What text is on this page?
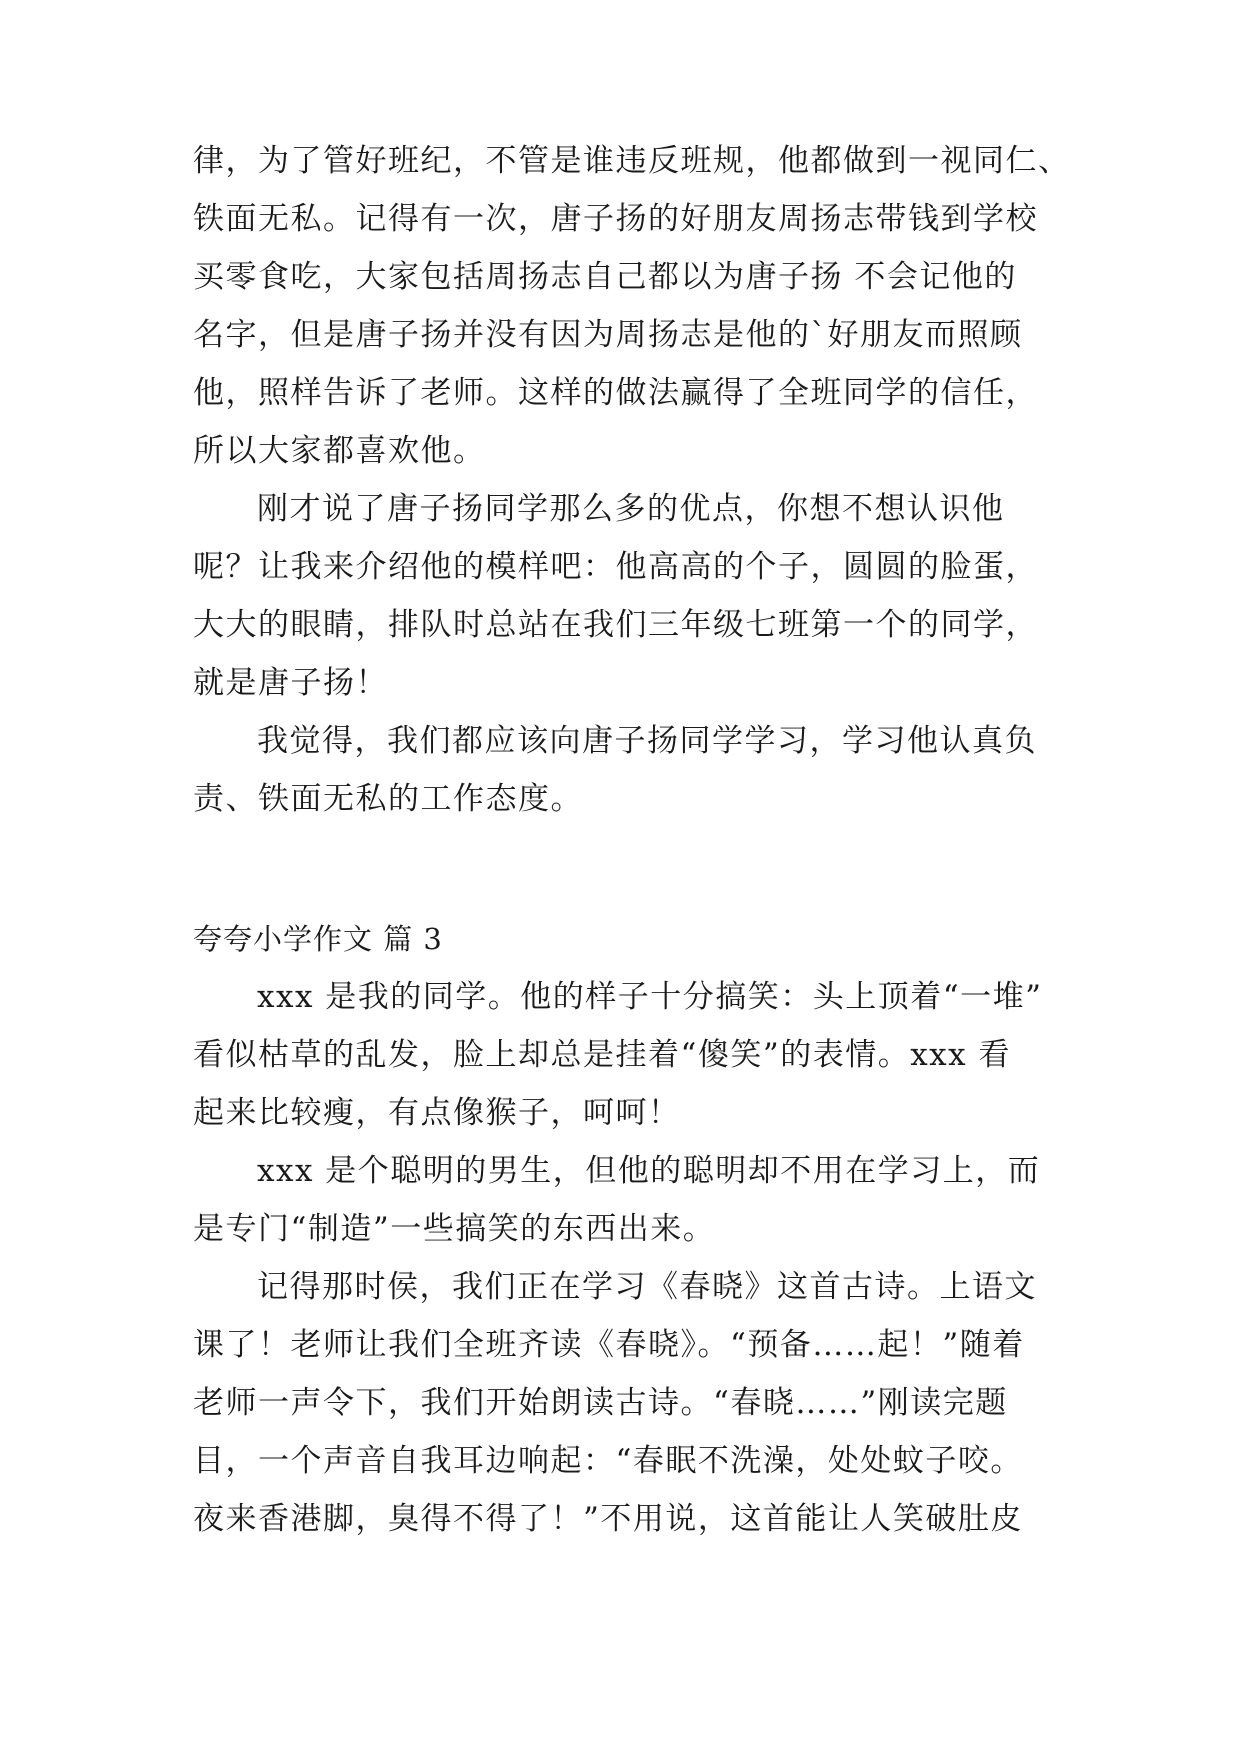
律，为了管好班纪，不管是谁违反班规，他都做到一视同仁、
铁面无私。记得有一次，唐子扬的好朋友周扬志带钱到学校
买零食吃，大家包括周扬志自己都以为唐子扬 不会记他的
名字，但是唐子扬并没有因为周扬志是他的`好朋友而照顾
他，照样告诉了老师。这样的做法赢得了全班同学的信任，
所以大家都喜欢他。
刚才说了唐子扬同学那么多的优点，你想不想认识他
呢？让我来介绍他的模样吧：他高高的个子，圆圆的脸蛋，
大大的眼睛，排队时总站在我们三年级七班第一个的同学，
就是唐子扬！
我觉得，我们都应该向唐子扬同学学习，学习他认真负
责、铁面无私的工作态度。
夸夸小学作文 篇 3
xxx 是我的同学。他的样子十分搞笑：头上顶着“一堆”
看似枯草的乱发，脸上却总是挂着“傻笑”的表情。xxx 看
起来比较瘦，有点像猴子，呵呵！
xxx 是个聪明的男生，但他的聪明却不用在学习上，而
是专门“制造”一些搞笑的东西出来。
记得那时侯，我们正在学习《春晓》这首古诗。上语文
课了！老师让我们全班齐读《春晓》。“预备……起！”随着
老师一声令下，我们开始朗读古诗。“春晓……”刚读完题
目，一个声音自我耳边响起：“春眠不洗澡，处处蚊子咬。
夜来香港脚，臭得不得了！”不用说，这首能让人笑破肚皮
